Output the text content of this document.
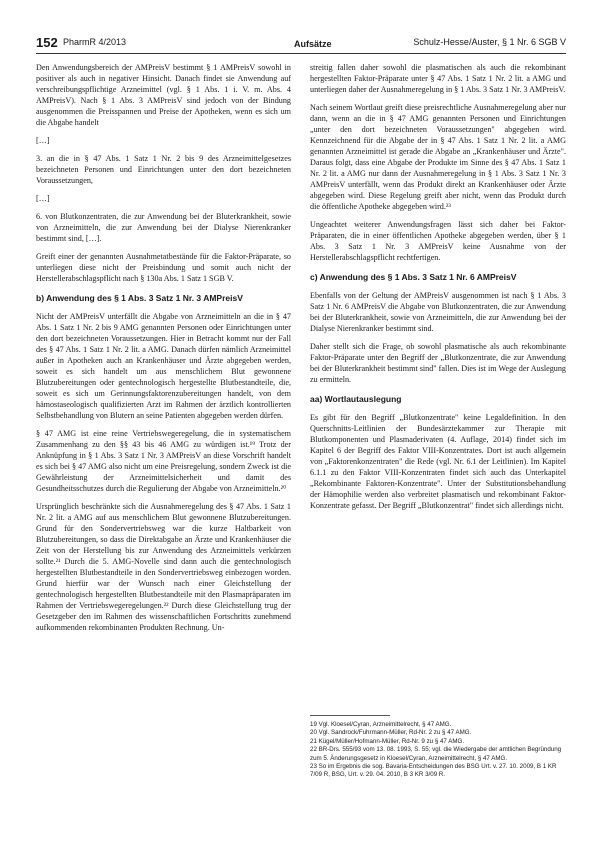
152 PharmR 4/2013	Aufsätze	Schulz-Hesse/Auster, § 1 Nr. 6 SGB V

Den Anwendungsbereich der AMPreisV bestimmt § 1 AMPreisV sowohl in positiver als auch in negativer Hinsicht. Danach findet sie Anwendung auf verschreibungspflichtige Arzneimittel (vgl. § 1 Abs. 1 i. V. m. Abs. 4 AMPreisV). Nach § 1 Abs. 3 AMPreisV sind jedoch von der Bindung ausgenommen die Preisspannen und Preise der Apotheken, wenn es sich um die Abgabe handelt

[…]

3. an die in § 47 Abs. 1 Satz 1 Nr. 2 bis 9 des Arzneimittelgesetzes bezeichneten Personen und Einrichtungen unter den dort bezeichneten Voraussetzungen,

[…]

6. von Blutkonzentraten, die zur Anwendung bei der Bluterkrankheit, sowie von Arzneimitteln, die zur Anwendung bei der Dialyse Nierenkranker bestimmt sind, […].

Greift einer der genannten Ausnahmetatbestände für die Faktor-Präparate, so unterliegen diese nicht der Preisbindung und somit auch nicht der Herstellerabschlagspflicht nach § 130a Abs. 1 Satz 1 SGB V.

b) Anwendung des § 1 Abs. 3 Satz 1 Nr. 3 AMPreisV

Nicht der AMPreisV unterfällt die Abgabe von Arzneimitteln an die in § 47 Abs. 1 Satz 1 Nr. 2 bis 9 AMG genannten Personen oder Einrichtungen unter den dort bezeichneten Voraussetzungen. Hier in Betracht kommt nur der Fall des § 47 Abs. 1 Satz 1 Nr. 2 lit. a AMG. Danach dürfen nämlich Arzneimittel außer in Apotheken auch an Krankenhäuser und Ärzte abgegeben werden, soweit es sich handelt um aus menschlichem Blut gewonnene Blutzubereitungen oder gentechnologisch hergestellte Blutbestandteile, die, soweit es sich um Gerinnungsfaktorenzubereitungen handelt, von dem hämostaseologisch qualifizierten Arzt im Rahmen der ärztlich kontrollierten Selbstbehandlung von Blutern an seine Patienten abgegeben werden dürfen.

§ 47 AMG ist eine reine Vertriebswegeregelung, die in systematischem Zusammenhang zu den §§ 43 bis 46 AMG zu würdigen ist.¹⁹ Trotz der Anknüpfung in § 1 Abs. 3 Satz 1 Nr. 3 AMPreisV an diese Vorschrift handelt es sich bei § 47 AMG also nicht um eine Preisregelung, sondern Zweck ist die Gewährleistung der Arzneimittelsicherheit und damit des Gesundheitsschutzes durch die Regulierung der Abgabe von Arzneimitteln.²⁰

Ursprünglich beschränkte sich die Ausnahmeregelung des § 47 Abs. 1 Satz 1 Nr. 2 lit. a AMG auf aus menschlichem Blut gewonnene Blutzubereitungen. Grund für den Sondervertriebsweg war die kurze Haltbarkeit von Blutzubereitungen, so dass die Direktabgabe an Ärzte und Krankenhäuser die Zeit von der Herstellung bis zur Anwendung des Arzneimittels verkürzen sollte.²¹ Durch die 5. AMG-Novelle sind dann auch die gentechnologisch hergestellten Blutbestandteile in den Sondervertriebsweg einbezogen worden. Grund hierfür war der Wunsch nach einer Gleichstellung der gentechnologisch hergestellten Blutbestandteile mit den Plasmapräparaten im Rahmen der Vertriebswegeregelungen.²² Durch diese Gleichstellung trug der Gesetzgeber den im Rahmen des wissenschaftlichen Fortschritts zunehmend aufkommenden rekombinanten Produkten Rechnung. Un-

streitig fallen daher sowohl die plasmatischen als auch die rekombinant hergestellten Faktor-Präparate unter § 47 Abs. 1 Satz 1 Nr. 2 lit. a AMG und unterliegen daher der Ausnahmeregelung in § 1 Abs. 3 Satz 1 Nr. 3 AMPreisV.

Nach seinem Wortlaut greift diese preisrechtliche Ausnahmeregelung aber nur dann, wenn an die in § 47 AMG genannten Personen und Einrichtungen „unter den dort bezeichneten Voraussetzungen" abgegeben wird. Kennzeichnend für die Abgabe der in § 47 Abs. 1 Satz 1 Nr. 2 lit. a AMG genannten Arzneimittel ist gerade die Abgabe an „Krankenhäuser und Ärzte". Daraus folgt, dass eine Abgabe der Produkte im Sinne des § 47 Abs. 1 Satz 1 Nr. 2 lit. a AMG nur dann der Ausnahmeregelung in § 1 Abs. 3 Satz 1 Nr. 3 AMPreisV unterfällt, wenn das Produkt direkt an Krankenhäuser oder Ärzte abgegeben wird. Diese Regelung greift aber nicht, wenn das Produkt durch die öffentliche Apotheke abgegeben wird.²³

Ungeachtet weiterer Anwendungsfragen lässt sich daher bei Faktor-Präparaten, die in einer öffentlichen Apotheke abgegeben werden, über § 1 Abs. 3 Satz 1 Nr. 3 AMPreisV keine Ausnahme von der Herstellerabschlagspflicht rechtfertigen.

c) Anwendung des § 1 Abs. 3 Satz 1 Nr. 6 AMPreisV

Ebenfalls von der Geltung der AMPreisV ausgenommen ist nach § 1 Abs. 3 Satz 1 Nr. 6 AMPreisV die Abgabe von Blutkonzentraten, die zur Anwendung bei der Bluterkrankheit, sowie von Arzneimitteln, die zur Anwendung bei der Dialyse Nierenkranker bestimmt sind.

Daher stellt sich die Frage, ob sowohl plasmatische als auch rekombinante Faktor-Präparate unter den Begriff der „Blutkonzentrate, die zur Anwendung bei der Bluterkrankheit bestimmt sind" fallen. Dies ist im Wege der Auslegung zu ermitteln.

aa) Wortlautauslegung

Es gibt für den Begriff „Blutkonzentrate" keine Legaldefinition. In den Querschnitts-Leitlinien der Bundesärztekammer zur Therapie mit Blutkomponenten und Plasmaderivaten (4. Auflage, 2014) findet sich im Kapitel 6 der Begriff des Faktor VIII-Konzentrates. Dort ist auch allgemein von „Faktorenkonzentraten" die Rede (vgl. Nr. 6.1 der Leitlinien). Im Kapitel 6.1.1 zu den Faktor VIII-Konzentraten findet sich auch das Unterkapitel „Rekombinante Faktoren-Konzentrate". Unter der Substitutionsbehandlung der Hämophilie werden also verbreitet plasmatisch und rekombinant Faktor-Konzentrate gefasst. Der Begriff „Blutkonzentrat" findet sich allerdings nicht.

19 Vgl. Kloesel/Cyran, Arzneimittelrecht, § 47 AMG.
20 Vgl. Sandrock/Fuhrmann-Müller, Rd-Nr. 2 zu § 47 AMG.
21 Kügel/Müller/Hofmann-Müller, Rd-Nr. 9 zu § 47 AMG.
22 BR-Drs. 555/93 vom 13. 08. 1993, S. 55; vgl. die Wiedergabe der amtlichen Begründung zum 5. Änderungsgesetz in Kloesel/Cyran, Arzneimittelrecht, § 47 AMG.
23 So im Ergebnis die sog. Bavaria-Entscheidungen des BSG Urt. v. 27. 10. 2009, B 1 KR 7/09 R, BSG, Urt. v. 29. 04. 2010, B 3 KR 3/09 R.
